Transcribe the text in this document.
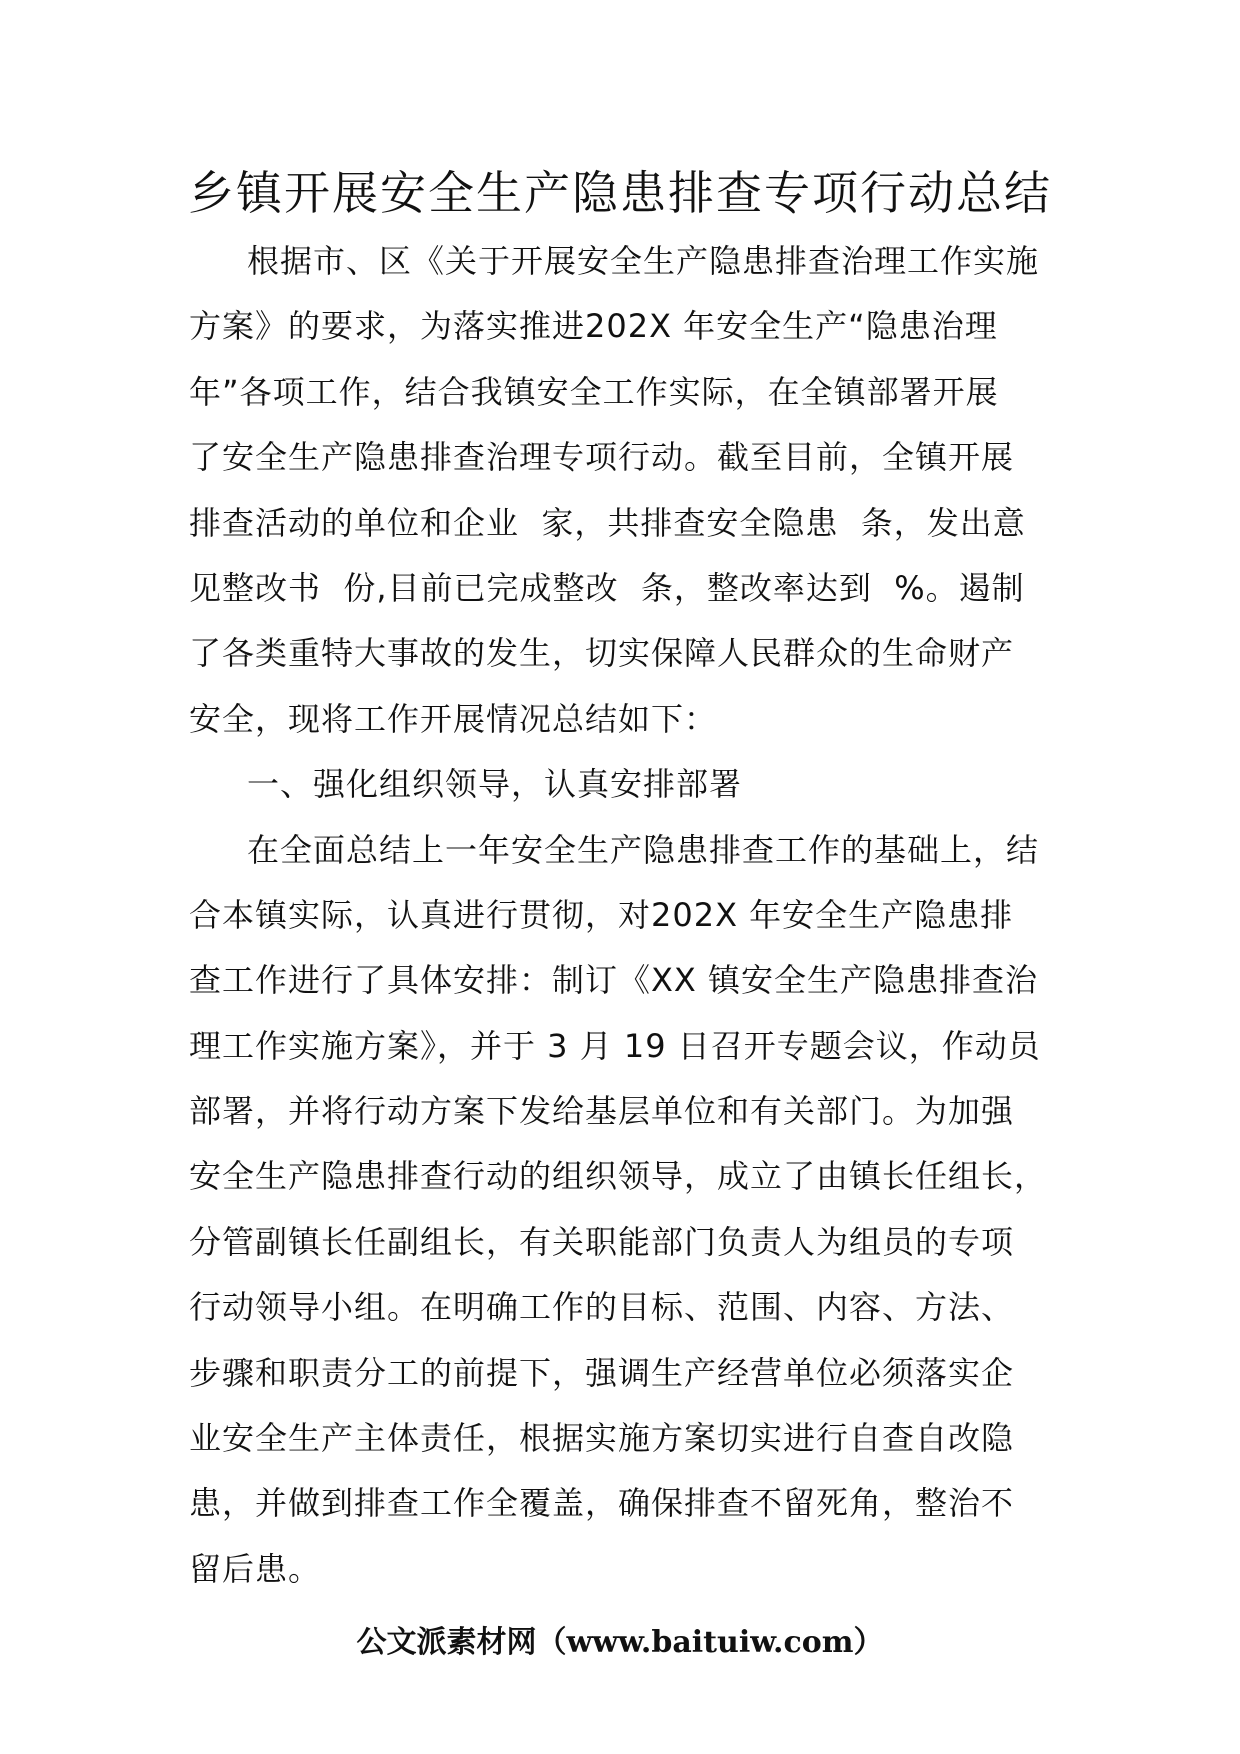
乡镇开展安全生产隐患排查专项行动总结
根据市、区《关于开展安全生产隐患排查治理工作实施
方案》的要求，为落实推进202X 年安全生产“隐患治理
年”各项工作，结合我镇安全工作实际，在全镇部署开展
了安全生产隐患排查治理专项行动。截至目前，全镇开展
排查活动的单位和企业  家，共排查安全隐患  条，发出意
见整改书  份,目前已完成整改  条，整改率达到  %。遏制
了各类重特大事故的发生，切实保障人民群众的生命财产
安全，现将工作开展情况总结如下：
一、强化组织领导，认真安排部署
在全面总结上一年安全生产隐患排查工作的基础上，结
合本镇实际，认真进行贯彻，对202X 年安全生产隐患排
查工作进行了具体安排：制订《XX 镇安全生产隐患排查治
理工作实施方案》，并于 3 月 19 日召开专题会议，作动员
部署，并将行动方案下发给基层单位和有关部门。为加强
安全生产隐患排查行动的组织领导，成立了由镇长任组长，
分管副镇长任副组长，有关职能部门负责人为组员的专项
行动领导小组。在明确工作的目标、范围、内容、方法、
步骤和职责分工的前提下，强调生产经营单位必须落实企
业安全生产主体责任，根据实施方案切实进行自查自改隐
患，并做到排查工作全覆盖，确保排查不留死角，整治不
留后患。
公文派素材网（www.baituiw.com）
